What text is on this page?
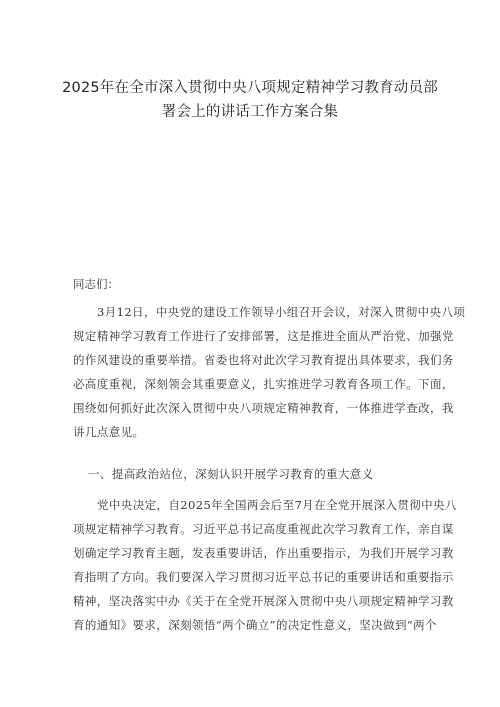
2025年在全市深入贯彻中央八项规定精神学习教育动员部
署会上的讲话工作方案合集
同志们：
3月12日，中央党的建设工作领导小组召开会议，对深入贯彻中央八项
规定精神学习教育工作进行了安排部署，这是推进全面从严治党、加强党
的作风建设的重要举措。省委也将对此次学习教育提出具体要求，我们务
必高度重视，深刻领会其重要意义，扎实推进学习教育各项工作。下面，
围绕如何抓好此次深入贯彻中央八项规定精神教育，一体推进学查改，我
讲几点意见。
一、提高政治站位，深刻认识开展学习教育的重大意义
党中央决定，自2025年全国两会后至7月在全党开展深入贯彻中央八
项规定精神学习教育。习近平总书记高度重视此次学习教育工作，亲自谋
划确定学习教育主题，发表重要讲话，作出重要指示，为我们开展学习教
育指明了方向。我们要深入学习贯彻习近平总书记的重要讲话和重要指示
精神，坚决落实中办《关于在全党开展深入贯彻中央八项规定精神学习教
育的通知》要求，深刻领悟“两个确立”的决定性意义，坚决做到“两个
